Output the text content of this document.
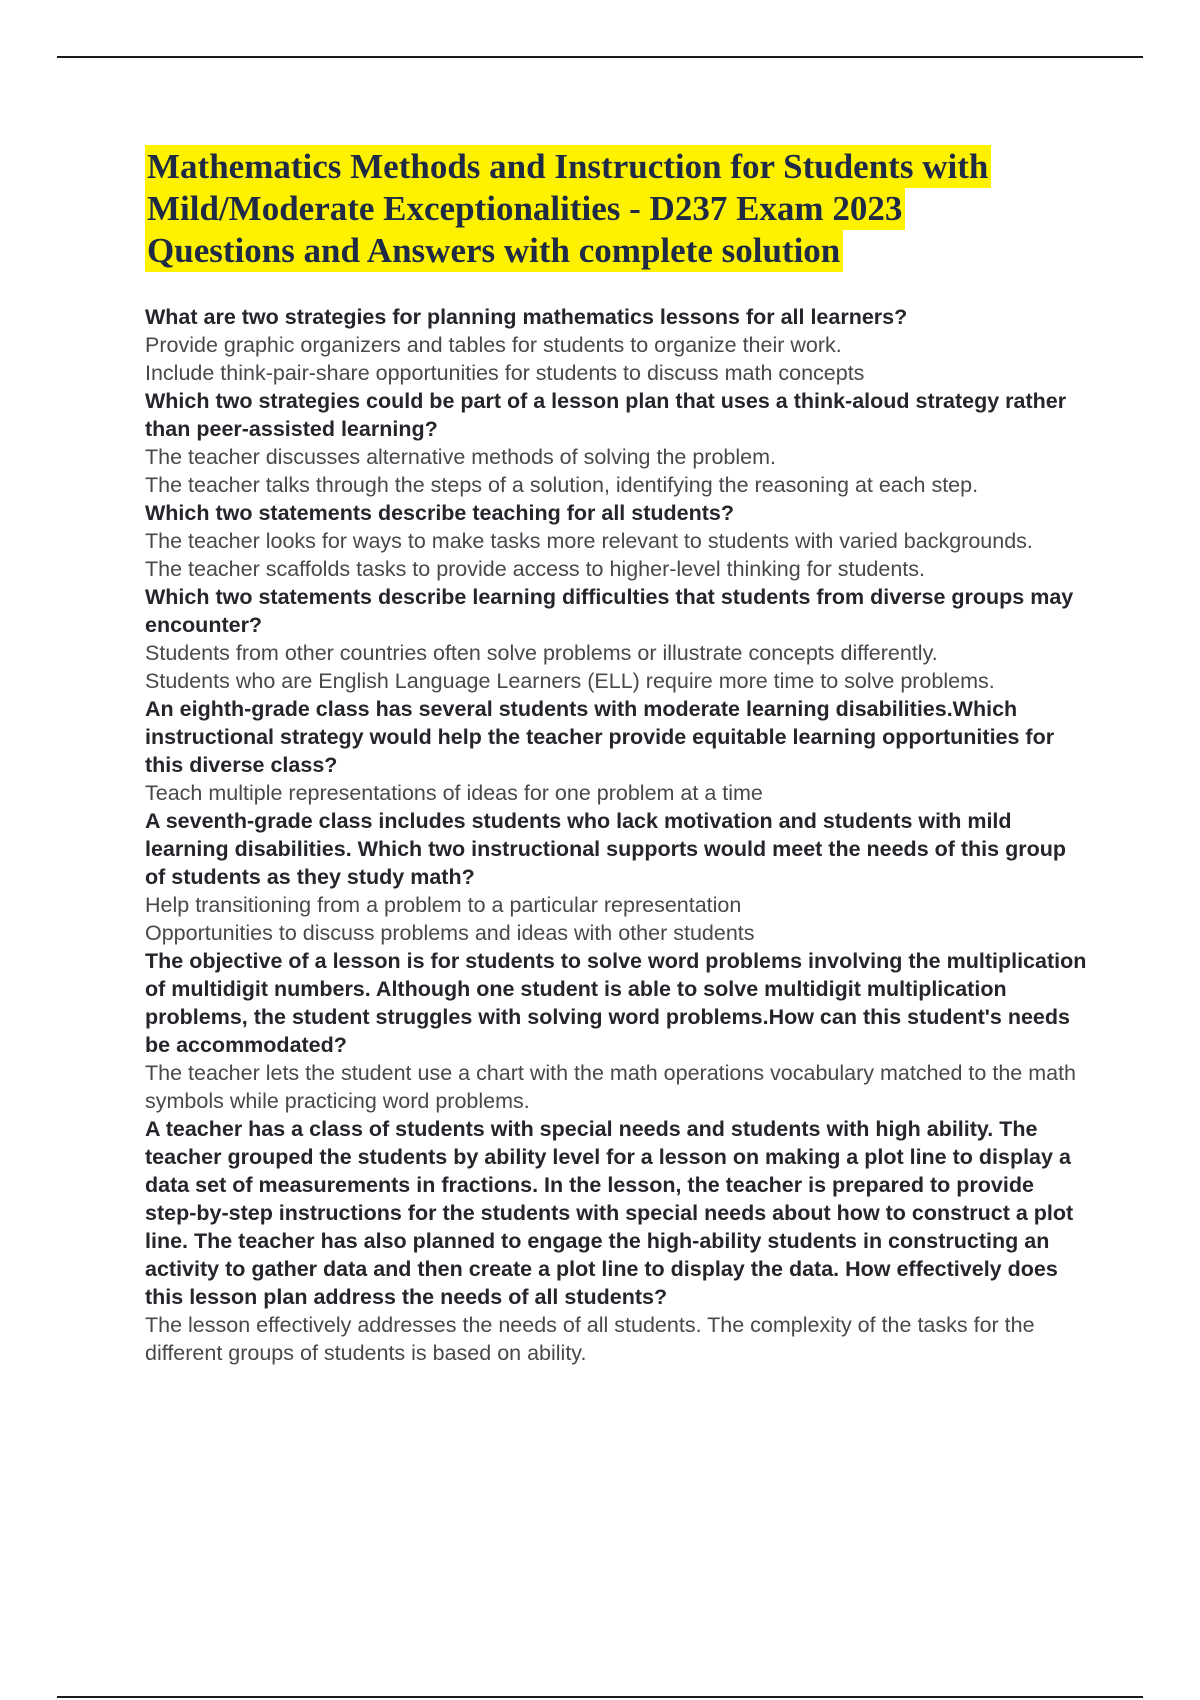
Mathematics Methods and Instruction for Students with
Mild/Moderate Exceptionalities - D237 Exam 2023
Questions and Answers with complete solution

What are two strategies for planning mathematics lessons for all learners?

Provide graphic organizers and tables for students to organize their work.

Include think-pair-share opportunities for students to discuss math concepts

Which two strategies could be part of a lesson plan that uses a think-aloud strategy rather than peer-assisted learning?

The teacher discusses alternative methods of solving the problem.

The teacher talks through the steps of a solution, identifying the reasoning at each step.

Which two statements describe teaching for all students?

The teacher looks for ways to make tasks more relevant to students with varied backgrounds.

The teacher scaffolds tasks to provide access to higher-level thinking for students.

Which two statements describe learning difficulties that students from diverse groups may encounter?

Students from other countries often solve problems or illustrate concepts differently.

Students who are English Language Learners (ELL) require more time to solve problems.

An eighth-grade class has several students with moderate learning disabilities.Which instructional strategy would help the teacher provide equitable learning opportunities for this diverse class?

Teach multiple representations of ideas for one problem at a time

A seventh-grade class includes students who lack motivation and students with mild learning disabilities. Which two instructional supports would meet the needs of this group of students as they study math?

Help transitioning from a problem to a particular representation

Opportunities to discuss problems and ideas with other students

The objective of a lesson is for students to solve word problems involving the multiplication of multidigit numbers. Although one student is able to solve multidigit multiplication problems, the student struggles with solving word problems.How can this student's needs be accommodated?

The teacher lets the student use a chart with the math operations vocabulary matched to the math symbols while practicing word problems.

A teacher has a class of students with special needs and students with high ability. The teacher grouped the students by ability level for a lesson on making a plot line to display a data set of measurements in fractions. In the lesson, the teacher is prepared to provide step-by-step instructions for the students with special needs about how to construct a plot line. The teacher has also planned to engage the high-ability students in constructing an activity to gather data and then create a plot line to display the data. How effectively does this lesson plan address the needs of all students?

The lesson effectively addresses the needs of all students. The complexity of the tasks for the different groups of students is based on ability.
